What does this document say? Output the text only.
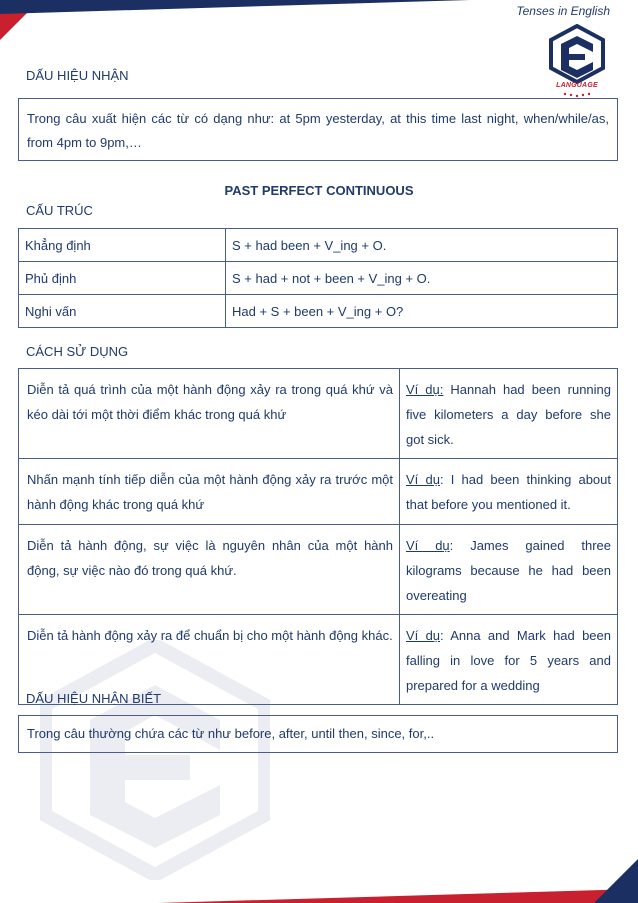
Tenses in English
LANGUAGE
DẤU HIỆU NHẬN
Trong câu xuất hiện các từ có dạng như: at 5pm yesterday, at this time last night, when/while/as, from 4pm to 9pm,…
PAST PERFECT CONTINUOUS
CẤU TRÚC
Khẳng định	S + had been + V_ing + O.
Phủ định	S + had + not + been + V_ing + O.
Nghi vấn	Had + S + been + V_ing + O?
CÁCH SỬ DỤNG
Diễn tả quá trình của một hành động xảy ra trong quá khứ và kéo dài tới một thời điểm khác trong quá khứ	Ví dụ: Hannah had been running five kilometers a day before she got sick.
Nhấn mạnh tính tiếp diễn của một hành động xảy ra trước một hành động khác trong quá khứ	Ví dụ: I had been thinking about that before you mentioned it.
Diễn tả hành động, sự việc là nguyên nhân của một hành động, sự việc nào đó trong quá khứ.	Ví dụ: James gained three kilograms because he had been overeating
Diễn tả hành động xảy ra để chuẩn bị cho một hành động khác.	Ví dụ: Anna and Mark had been falling in love for 5 years and prepared for a wedding
DẤU HIỆU NHẬN BIẾT
Trong câu thường chứa các từ như before, after, until then, since, for,..
